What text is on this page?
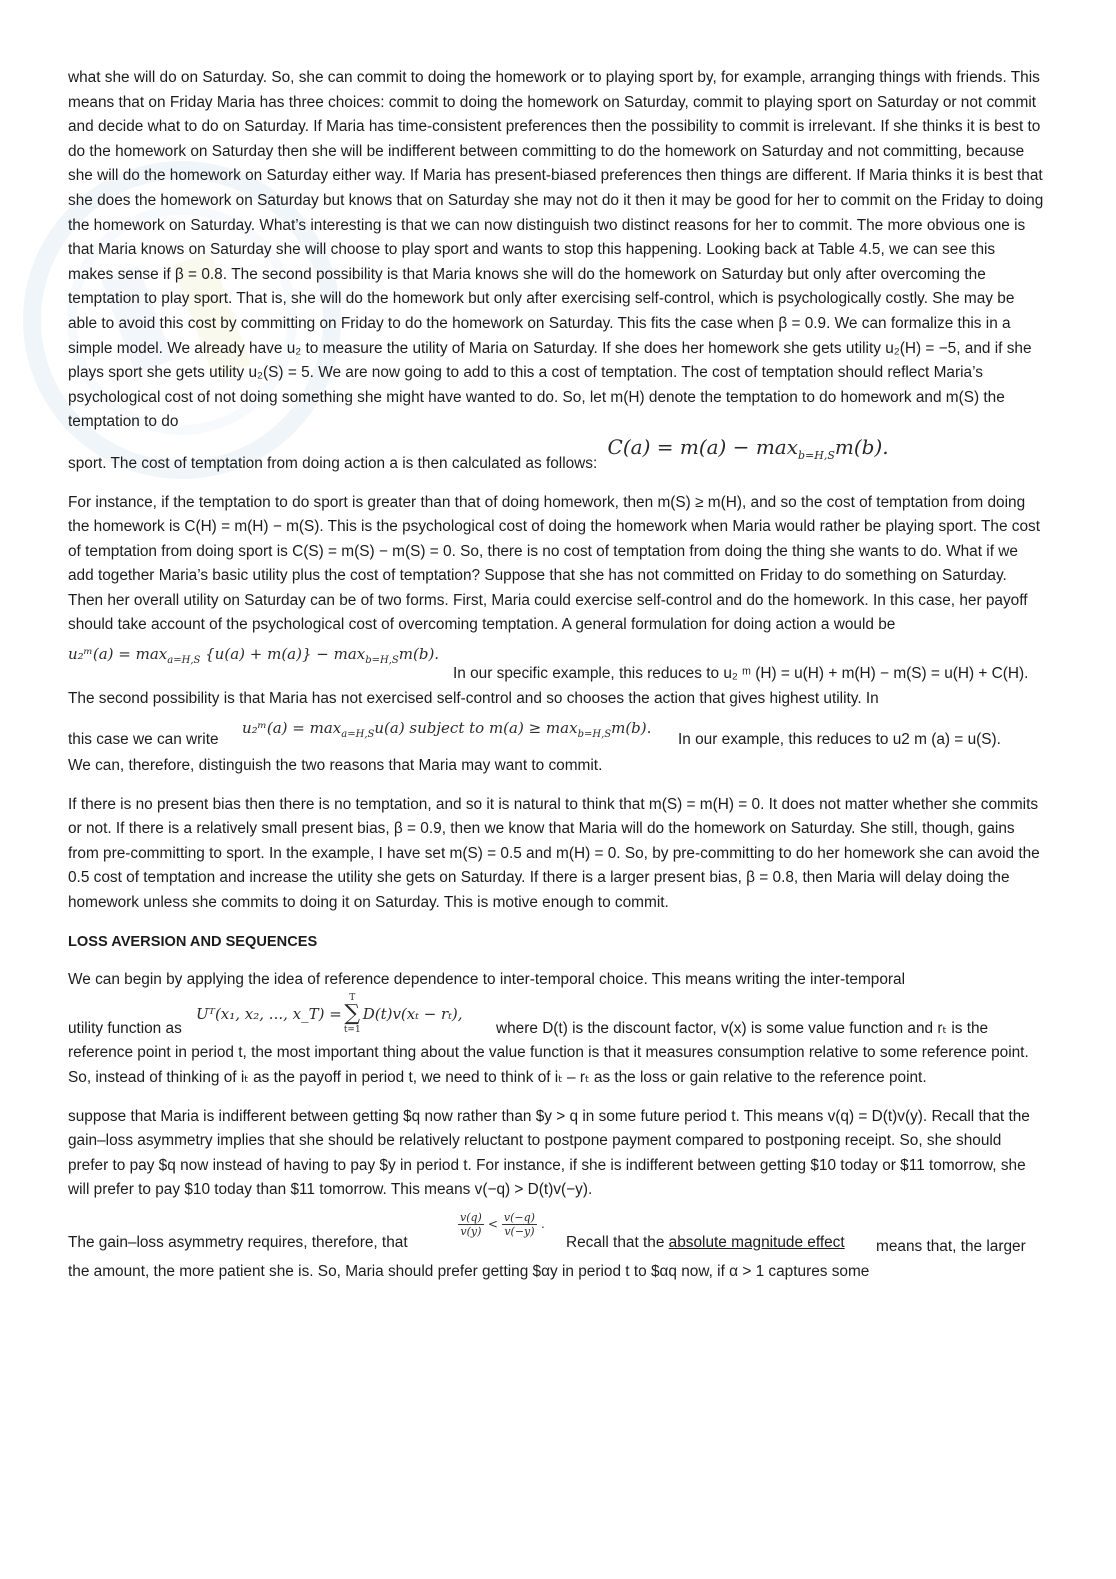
what she will do on Saturday. So, she can commit to doing the homework or to playing sport by, for example, arranging things with friends. This means that on Friday Maria has three choices: commit to doing the homework on Saturday, commit to playing sport on Saturday or not commit and decide what to do on Saturday. If Maria has time-consistent preferences then the possibility to commit is irrelevant. If she thinks it is best to do the homework on Saturday then she will be indifferent between committing to do the homework on Saturday and not committing, because she will do the homework on Saturday either way. If Maria has present-biased preferences then things are different. If Maria thinks it is best that she does the homework on Saturday but knows that on Saturday she may not do it then it may be good for her to commit on the Friday to doing the homework on Saturday. What’s interesting is that we can now distinguish two distinct reasons for her to commit. The more obvious one is that Maria knows on Saturday she will choose to play sport and wants to stop this happening. Looking back at Table 4.5, we can see this makes sense if β = 0.8. The second possibility is that Maria knows she will do the homework on Saturday but only after overcoming the temptation to play sport. That is, she will do the homework but only after exercising self-control, which is psychologically costly. She may be able to avoid this cost by committing on Friday to do the homework on Saturday. This fits the case when β = 0.9. We can formalize this in a simple model. We already have u₂ to measure the utility of Maria on Saturday. If she does her homework she gets utility u₂(H) = −5, and if she plays sport she gets utility u₂(S) = 5. We are now going to add to this a cost of temptation. The cost of temptation should reflect Maria’s psychological cost of not doing something she might have wanted to do. So, let m(H) denote the temptation to do homework and m(S) the temptation to do

sport. The cost of temptation from doing action a is then calculated as follows: $C(a) = m(a) - \max_{b=H,S}m(b)$.

For instance, if the temptation to do sport is greater than that of doing homework, then m(S) ≥ m(H), and so the cost of temptation from doing the homework is C(H) = m(H) − m(S). This is the psychological cost of doing the homework when Maria would rather be playing sport. The cost of temptation from doing sport is C(S) = m(S) − m(S) = 0. So, there is no cost of temptation from doing the thing she wants to do. What if we add together Maria’s basic utility plus the cost of temptation? Suppose that she has not committed on Friday to do something on Saturday. Then her overall utility on Saturday can be of two forms. First, Maria could exercise self-control and do the homework. In this case, her payoff should take account of the psychological cost of overcoming temptation. A general formulation for doing action a would be

u₂ᵐ(a) = $\max_{a=H,S} \{u(a) + m(a)\} - \max_{b=H,S}m(b)$.
In our specific example, this reduces to u₂ ᵐ (H) = u(H) + m(H) − m(S) = u(H) + C(H). The second possibility is that Maria has not exercised self-control and so chooses the action that gives highest utility. In
this case we can write
u₂ᵐ(a) = $\max_{a=H,S}u(a)$ subject to $m(a) \ge \max_{b=H,S}m(b)$.
In our example, this reduces to u2 m (a) = u(S).

We can, therefore, distinguish the two reasons that Maria may want to commit.

If there is no present bias then there is no temptation, and so it is natural to think that m(S) = m(H) = 0. It does not matter whether she commits or not. If there is a relatively small present bias, β = 0.9, then we know that Maria will do the homework on Saturday. She still, though, gains from pre-committing to sport. In the example, I have set m(S) = 0.5 and m(H) = 0. So, by pre-committing to do her homework she can avoid the 0.5 cost of temptation and increase the utility she gets on Saturday. If there is a larger present bias, β = 0.8, then Maria will delay doing the homework unless she commits to doing it on Saturday. This is motive enough to commit.

LOSS AVERSION AND SEQUENCES

We can begin by applying the idea of reference dependence to inter-temporal choice. This means writing the inter-temporal

utility function as
Uᵀ(x₁, x₂, ..., x_T) =
T
∑
t=1
D(t)v(xₜ − rₜ),

where D(t) is the discount factor, v(x) is some value function and rₜ is the reference point in period t, the most important thing about the value function is that it measures consumption relative to some reference point. So, instead of thinking of iₜ as the payoff in period t, we need to think of iₜ – rₜ as the loss or gain relative to the reference point.

suppose that Maria is indifferent between getting $q now rather than $y > q in some future period t. This means v(q) = D(t)v(y). Recall that the gain–loss asymmetry implies that she should be relatively reluctant to postpone payment compared to postponing receipt. So, she should prefer to pay $q now instead of having to pay $y in period t. For instance, if she is indifferent between getting $10 today or $11 tomorrow, she will prefer to pay $10 today than $11 tomorrow. This means v(−q) > D(t)v(−y).

The gain–loss asymmetry requires, therefore, that
$\frac{v(q)}{v(y)} < \frac{v(-q)}{v(-y)}$ .
Recall that the absolute magnitude effect	means that, the larger the amount, the more patient she is. So, Maria should prefer getting $αy in period t to $αq now, if α > 1 captures some
